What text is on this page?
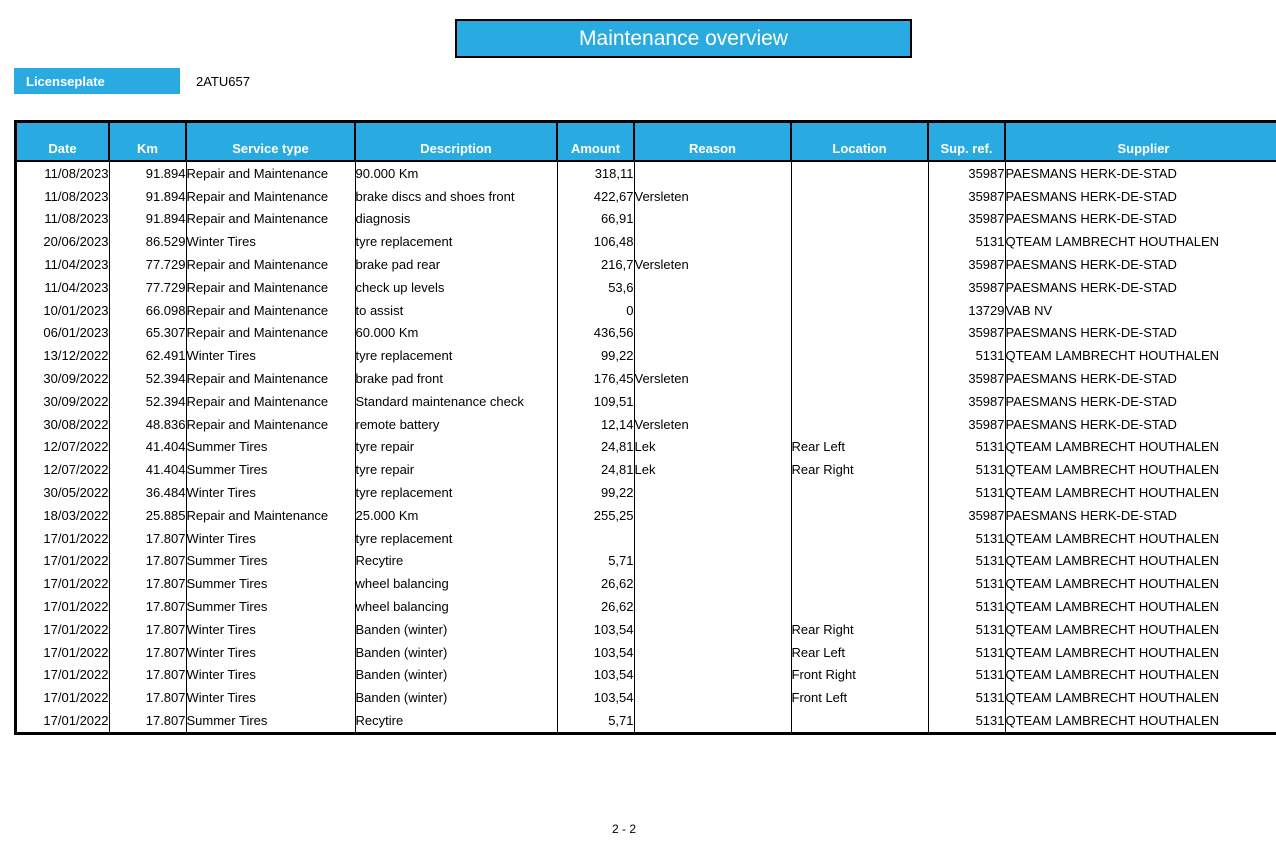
Maintenance overview
Licenseplate	2ATU657
Date	Km	Service type	Description	Amount	Reason	Location	Sup. ref.	Supplier
11/08/2023	91.894	Repair and Maintenance	90.000 Km	318,11			35987	PAESMANS HERK-DE-STAD
11/08/2023	91.894	Repair and Maintenance	brake discs and shoes front	422,67	Versleten		35987	PAESMANS HERK-DE-STAD
11/08/2023	91.894	Repair and Maintenance	diagnosis	66,91			35987	PAESMANS HERK-DE-STAD
20/06/2023	86.529	Winter Tires	tyre replacement	106,48			5131	QTEAM LAMBRECHT HOUTHALEN
11/04/2023	77.729	Repair and Maintenance	brake pad rear	216,7	Versleten		35987	PAESMANS HERK-DE-STAD
11/04/2023	77.729	Repair and Maintenance	check up levels	53,6			35987	PAESMANS HERK-DE-STAD
10/01/2023	66.098	Repair and Maintenance	to assist	0			13729	VAB NV
06/01/2023	65.307	Repair and Maintenance	60.000 Km	436,56			35987	PAESMANS HERK-DE-STAD
13/12/2022	62.491	Winter Tires	tyre replacement	99,22			5131	QTEAM LAMBRECHT HOUTHALEN
30/09/2022	52.394	Repair and Maintenance	brake pad front	176,45	Versleten		35987	PAESMANS HERK-DE-STAD
30/09/2022	52.394	Repair and Maintenance	Standard maintenance check	109,51			35987	PAESMANS HERK-DE-STAD
30/08/2022	48.836	Repair and Maintenance	remote battery	12,14	Versleten		35987	PAESMANS HERK-DE-STAD
12/07/2022	41.404	Summer Tires	tyre repair	24,81	Lek	Rear Left	5131	QTEAM LAMBRECHT HOUTHALEN
12/07/2022	41.404	Summer Tires	tyre repair	24,81	Lek	Rear Right	5131	QTEAM LAMBRECHT HOUTHALEN
30/05/2022	36.484	Winter Tires	tyre replacement	99,22			5131	QTEAM LAMBRECHT HOUTHALEN
18/03/2022	25.885	Repair and Maintenance	25.000 Km	255,25			35987	PAESMANS HERK-DE-STAD
17/01/2022	17.807	Winter Tires	tyre replacement				5131	QTEAM LAMBRECHT HOUTHALEN
17/01/2022	17.807	Summer Tires	Recytire	5,71			5131	QTEAM LAMBRECHT HOUTHALEN
17/01/2022	17.807	Summer Tires	wheel balancing	26,62			5131	QTEAM LAMBRECHT HOUTHALEN
17/01/2022	17.807	Summer Tires	wheel balancing	26,62			5131	QTEAM LAMBRECHT HOUTHALEN
17/01/2022	17.807	Winter Tires	Banden (winter)	103,54		Rear Right	5131	QTEAM LAMBRECHT HOUTHALEN
17/01/2022	17.807	Winter Tires	Banden (winter)	103,54		Rear Left	5131	QTEAM LAMBRECHT HOUTHALEN
17/01/2022	17.807	Winter Tires	Banden (winter)	103,54		Front Right	5131	QTEAM LAMBRECHT HOUTHALEN
17/01/2022	17.807	Winter Tires	Banden (winter)	103,54		Front Left	5131	QTEAM LAMBRECHT HOUTHALEN
17/01/2022	17.807	Summer Tires	Recytire	5,71			5131	QTEAM LAMBRECHT HOUTHALEN
2 - 2
